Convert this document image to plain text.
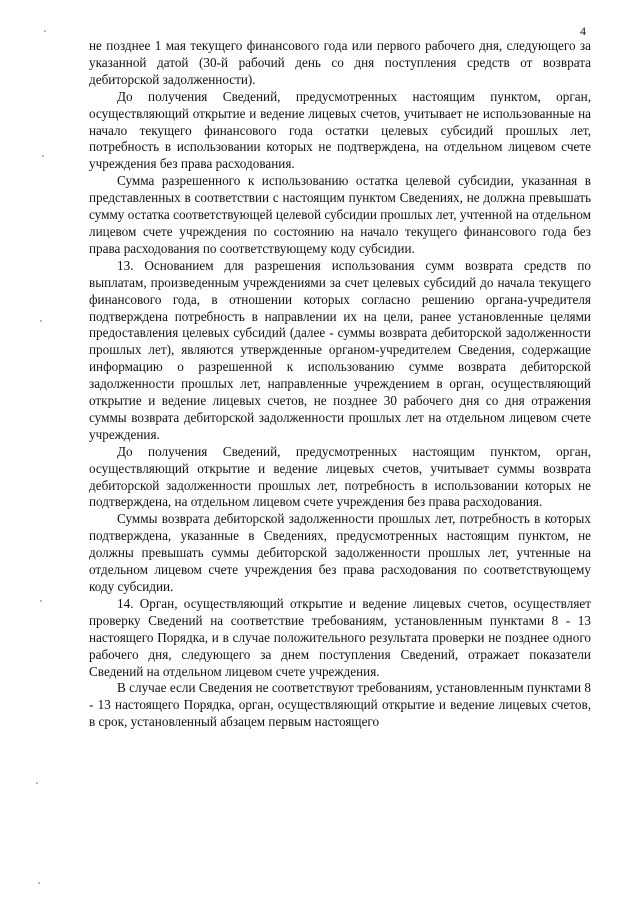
4

не позднее 1 мая текущего финансового года или первого рабочего дня, следующего за указанной датой (30-й рабочий день со дня поступления средств от возврата дебиторской задолженности).

До получения Сведений, предусмотренных настоящим пунктом, орган, осуществляющий открытие и ведение лицевых счетов, учитывает не использованные на начало текущего финансового года остатки целевых субсидий прошлых лет, потребность в использовании которых не подтверждена, на отдельном лицевом счете учреждения без права расходования.

Сумма разрешенного к использованию остатка целевой субсидии, указанная в представленных в соответствии с настоящим пунктом Сведениях, не должна превышать сумму остатка соответствующей целевой субсидии прошлых лет, учтенной на отдельном лицевом счете учреждения по состоянию на начало текущего финансового года без права расходования по соответствующему коду субсидии.

13. Основанием для разрешения использования сумм возврата средств по выплатам, произведенным учреждениями за счет целевых субсидий до начала текущего финансового года, в отношении которых согласно решению органа-учредителя подтверждена потребность в направлении их на цели, ранее установленные целями предоставления целевых субсидий (далее - суммы возврата дебиторской задолженности прошлых лет), являются утвержденные органом-учредителем Сведения, содержащие информацию о разрешенной к использованию сумме возврата дебиторской задолженности прошлых лет, направленные учреждением в орган, осуществляющий открытие и ведение лицевых счетов, не позднее 30 рабочего дня со дня отражения суммы возврата дебиторской задолженности прошлых лет на отдельном лицевом счете учреждения.

До получения Сведений, предусмотренных настоящим пунктом, орган, осуществляющий открытие и ведение лицевых счетов, учитывает суммы возврата дебиторской задолженности прошлых лет, потребность в использовании которых не подтверждена, на отдельном лицевом счете учреждения без права расходования.

Суммы возврата дебиторской задолженности прошлых лет, потребность в которых подтверждена, указанные в Сведениях, предусмотренных настоящим пунктом, не должны превышать суммы дебиторской задолженности прошлых лет, учтенные на отдельном лицевом счете учреждения без права расходования по соответствующему коду субсидии.

14. Орган, осуществляющий открытие и ведение лицевых счетов, осуществляет проверку Сведений на соответствие требованиям, установленным пунктами 8 - 13 настоящего Порядка, и в случае положительного результата проверки не позднее одного рабочего дня, следующего за днем поступления Сведений, отражает показатели Сведений на отдельном лицевом счете учреждения.

В случае если Сведения не соответствуют требованиям, установленным пунктами 8 - 13 настоящего Порядка, орган, осуществляющий открытие и ведение лицевых счетов, в срок, установленный абзацем первым настоящего
